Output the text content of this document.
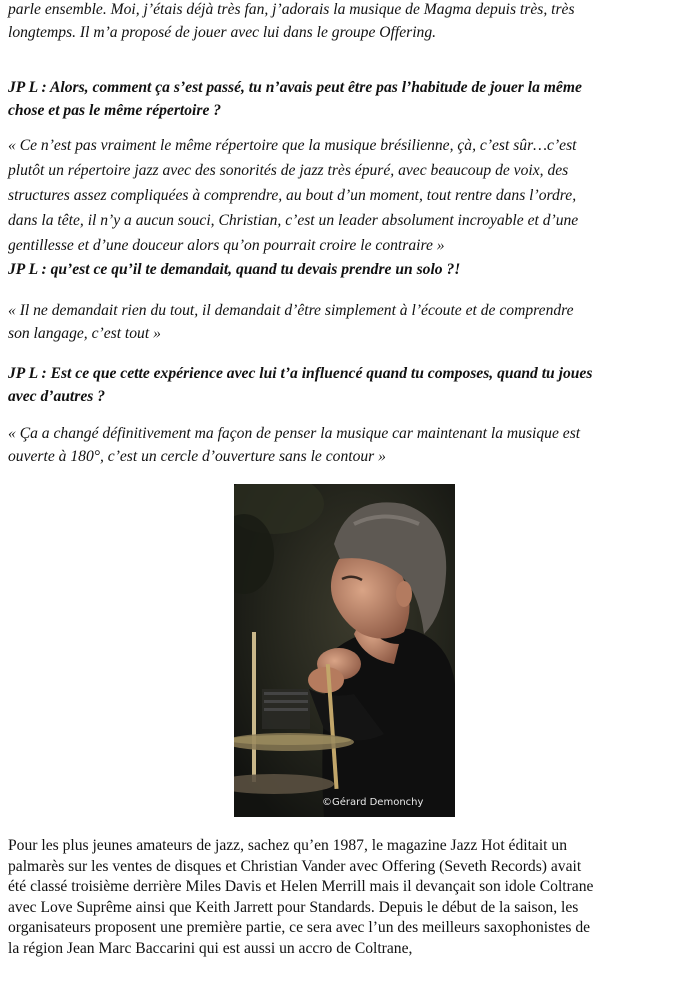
parle ensemble. Moi, j’étais déjà très fan, j’adorais la musique de Magma depuis très, très
longtemps. Il m’a proposé de jouer avec lui dans le groupe Offering.
JP L : Alors, comment ça s’est passé, tu n’avais peut être pas l’habitude de jouer la même
chose et pas le même répertoire ?
« Ce n’est pas vraiment le même répertoire que la musique brésilienne, çà, c’est sûr…c’est
plutôt un répertoire jazz avec des sonorités de jazz très épuré, avec beaucoup de voix, des
structures assez compliquées à comprendre, au bout d’un moment, tout rentre dans l’ordre,
dans la tête, il n’y a aucun souci, Christian, c’est un leader absolument incroyable et d’une
gentillesse et d’une douceur alors qu’on pourrait croire le contraire »
JP L : qu’est ce qu’il te demandait, quand tu devais prendre un solo ?!
« Il ne demandait rien du tout, il demandait d’être simplement à l’écoute et de comprendre
son langage, c’est tout »
JP L : Est ce que cette expérience avec lui t’a influencé quand tu composes, quand tu joues
avec d’autres ?
« Ça a changé définitivement ma façon de penser la musique car maintenant la musique est
ouverte à 180°, c’est un cercle d’ouverture sans le contour »
Pour les plus jeunes amateurs de jazz, sachez qu’en 1987, le magazine Jazz Hot éditait un
palmarès sur les ventes de disques et Christian Vander avec Offering (Seveth Records) avait
été classé troisième derrière Miles Davis et Helen Merrill mais il devançait son idole Coltrane
avec Love Suprême ainsi que Keith Jarrett pour Standards. Depuis le début de la saison, les
organisateurs proposent une première partie, ce sera avec l’un des meilleurs saxophonistes de
la région Jean Marc Baccarini qui est aussi un accro de Coltrane,
©Gérard Demonchy
